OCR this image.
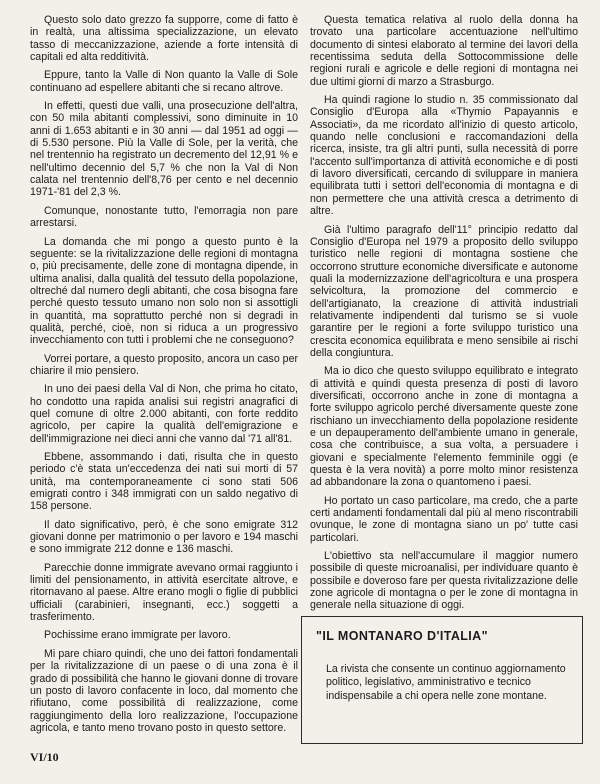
Questo solo dato grezzo fa supporre, come di fatto è in realtà, una altissima specializzazione, un elevato tasso di meccanizzazione, aziende a forte intensità di capitali ed alta redditività.

Eppure, tanto la Valle di Non quanto la Valle di Sole continuano ad espellere abitanti che si recano altrove.

In effetti, questi due valli, una prosecuzione dell'altra, con 50 mila abitanti complessivi, sono diminuite in 10 anni di 1.653 abitanti e in 30 anni — dal 1951 ad oggi — di 5.530 persone. Più la Valle di Sole, per la verità, che nel trentennio ha registrato un decremento del 12,91 % e nell'ultimo decennio del 5,7 % che non la Val di Non calata nel trentennio dell'8,76 per cento e nel decennio 1971-'81 del 2,3 %.

Comunque, nonostante tutto, l'emorragia non pare arrestarsi.

La domanda che mi pongo a questo punto è la seguente: se la rivitalizzazione delle regioni di montagna o, più precisamente, delle zone di montagna dipende, in ultima analisi, dalla qualità del tessuto della popolazione, oltreché dal numero degli abitanti, che cosa bisogna fare perché questo tessuto umano non solo non si assottigli in quantità, ma soprattutto perché non si degradi in qualità, perché, cioè, non si riduca a un progressivo invecchiamento con tutti i problemi che ne conseguono?

Vorrei portare, a questo proposito, ancora un caso per chiarire il mio pensiero.

In uno dei paesi della Val di Non, che prima ho citato, ho condotto una rapida analisi sui registri anagrafici di quel comune di oltre 2.000 abitanti, con forte reddito agricolo, per capire la qualità dell'emigrazione e dell'immigrazione nei dieci anni che vanno dal '71 all'81.

Ebbene, assommando i dati, risulta che in questo periodo c'è stata un'eccedenza dei nati sui morti di 57 unità, ma contemporaneamente ci sono stati 506 emigrati contro i 348 immigrati con un saldo negativo di 158 persone.

Il dato significativo, però, è che sono emigrate 312 giovani donne per matrimonio o per lavoro e 194 maschi e sono immigrate 212 donne e 136 maschi.

Parecchie donne immigrate avevano ormai raggiunto i limiti del pensionamento, in attività esercitate altrove, e ritornavano al paese. Altre erano mogli o figlie di pubblici ufficiali (carabinieri, insegnanti, ecc.) soggetti a trasferimento.

Pochissime erano immigrate per lavoro.

Mi pare chiaro quindi, che uno dei fattori fondamentali per la rivitalizzazione di un paese o di una zona è il grado di possibilità che hanno le giovani donne di trovare un posto di lavoro confacente in loco, dal momento che rifiutano, come possibilità di realizzazione, come raggiungimento della loro realizzazione, l'occupazione agricola, e tanto meno trovano posto in questo settore.

Questa tematica relativa al ruolo della donna ha trovato una particolare accentuazione nell'ultimo documento di sintesi elaborato al termine dei lavori della recentissima seduta della Sottocommissione delle regioni rurali e agricole e delle regioni di montagna nei due ultimi giorni di marzo a Strasburgo.

Ha quindi ragione lo studio n. 35 commissionato dal Consiglio d'Europa alla «Thymio Papayannis e Associati», da me ricordato all'inizio di questo articolo, quando nelle conclusioni e raccomandazioni della ricerca, insiste, tra gli altri punti, sulla necessità di porre l'accento sull'importanza di attività economiche e di posti di lavoro diversificati, cercando di sviluppare in maniera equilibrata tutti i settori dell'economia di montagna e di non permettere che una attività cresca a detrimento di altre.

Già l'ultimo paragrafo dell'11° principio redatto dal Consiglio d'Europa nel 1979 a proposito dello sviluppo turistico nelle regioni di montagna sostiene che occorrono strutture economiche diversificate e autonome quali la modernizzazione dell'agricoltura e una prospera selvicoltura, la promozione del commercio e dell'artigianato, la creazione di attività industriali relativamente indipendenti dal turismo se si vuole garantire per le regioni a forte sviluppo turistico una crescita economica equilibrata e meno sensibile ai rischi della congiuntura.

Ma io dico che questo sviluppo equilibrato e integrato di attività e quindi questa presenza di posti di lavoro diversificati, occorrono anche in zone di montagna a forte sviluppo agricolo perché diversamente queste zone rischiano un invecchiamento della popolazione residente e un depauperamento dell'ambiente umano in generale, cosa che contribuisce, a sua volta, a persuadere i giovani e specialmente l'elemento femminile oggi (e questa è la vera novità) a porre molto minor resistenza ad abbandonare la zona o quantomeno i paesi.

Ho portato un caso particolare, ma credo, che a parte certi andamenti fondamentali dal più al meno riscontrabili ovunque, le zone di montagna siano un po' tutte casi particolari.

L'obiettivo sta nell'accumulare il maggior numero possibile di queste microanalisi, per individuare quanto è possibile e doveroso fare per questa rivitalizzazione delle zone agricole di montagna o per le zone di montagna in generale nella situazione di oggi.

"IL MONTANARO D'ITALIA"
La rivista che consente un continuo aggiornamento politico, legislativo, amministrativo e tecnico indispensabile a chi opera nelle zone montane.
VI/10
